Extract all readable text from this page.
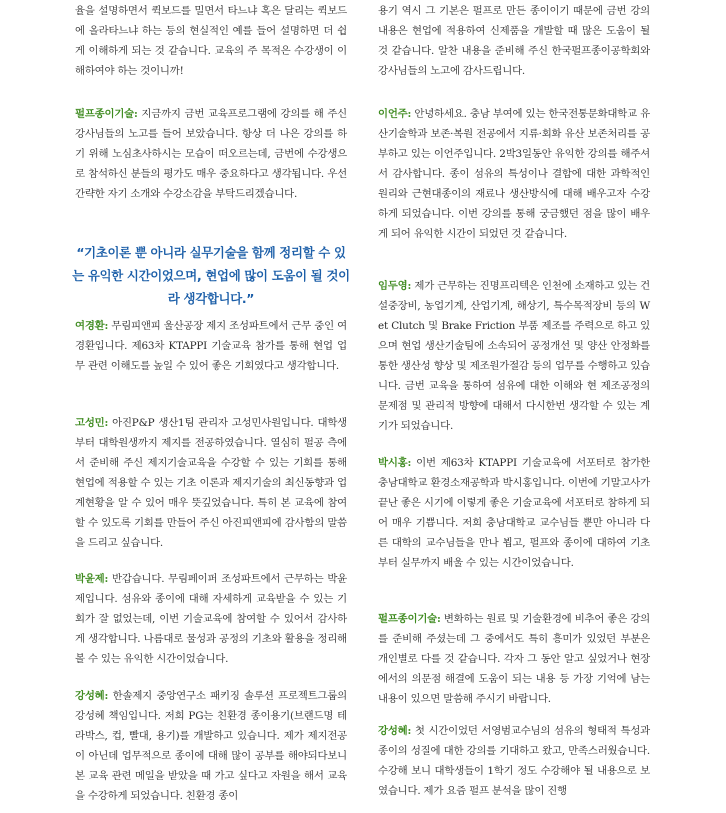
율을 설명하면서 퀵보드를 밀면서 타느냐 혹은 달리는 퀵보드에 올라타느냐 하는 등의 현실적인 예를 들어 설명하면 더 쉽게 이해하게 되는 것 같습니다. 교육의 주 목적은 수강생이 이해하여야 하는 것이니까!

펄프종이기술: 지금까지 금번 교육프로그램에 강의를 해 주신 강사님들의 노고를 들어 보았습니다. 항상 더 나은 강의를 하기 위해 노심초사하시는 모습이 떠오르는데, 금번에 수강생으로 참석하신 분들의 평가도 매우 중요하다고 생각됩니다. 우선 간략한 자기 소개와 수강소감을 부탁드리겠습니다.

“기초이론 뿐 아니라 실무기술을 함께 정리할 수 있는 유익한 시간이었으며, 현업에 많이 도움이 될 것이라 생각합니다.”

여경환: 무림피앤피 울산공장 제지 조성파트에서 근무 중인 여경환입니다. 제63차 KTAPPI 기술교육 참가를 통해 현업 업무 관련 이해도를 높일 수 있어 좋은 기회였다고 생각합니다.

고성민: 아진P&P 생산1팀 관리자 고성민사원입니다. 대학생부터 대학원생까지 제지를 전공하였습니다. 열심히 펄공 측에서 준비해 주신 제지기술교육을 수강할 수 있는 기회를 통해 현업에 적용할 수 있는 기초 이론과 제지기술의 최신동향과 업계현황을 알 수 있어 매우 뜻깊었습니다. 특히 본 교육에 참여할 수 있도록 기회를 만들어 주신 아진피앤피에 감사함의 말씀을 드리고 싶습니다.

박윤제: 반갑습니다. 무림페이퍼 조성파트에서 근무하는 박윤제입니다. 섬유와 종이에 대해 자세하게 교육받을 수 있는 기회가 잘 없었는데, 이번 기술교육에 참여할 수 있어서 감사하게 생각합니다. 나름대로 물성과 공정의 기초와 활용을 정리해 볼 수 있는 유익한 시간이었습니다.

강성혜: 한솔제지 중앙연구소 패키징 솔루션 프로젝트그룹의 강성혜 책임입니다. 저희 PG는 친환경 종이용기(브랜드명 테라박스, 컵, 빨대, 용기)를 개발하고 있습니다. 제가 제지전공이 아닌데 업무적으로 종이에 대해 많이 공부를 해야되다보니 본 교육 관련 메일을 받았을 때 가고 싶다고 자원을 해서 교육을 수강하게 되었습니다. 친환경 종이

용기 역시 그 기본은 펄프로 만든 종이이기 때문에 금번 강의내용은 현업에 적용하여 신제품을 개발할 때 많은 도움이 될 것 같습니다. 알찬 내용을 준비해 주신 한국펄프종이공학회와 강사님들의 노고에 감사드립니다.

이언주: 안녕하세요. 충남 부여에 있는 한국전통문화대학교 유산기술학과 보존·복원 전공에서 지류·회화 유산 보존처리를 공부하고 있는 이언주입니다. 2박3일동안 유익한 강의를 해주셔서 감사합니다. 종이 섬유의 특성이나 결합에 대한 과학적인 원리와 근현대종이의 재료나 생산방식에 대해 배우고자 수강하게 되었습니다. 이번 강의를 통해 궁금했던 점을 많이 배우게 되어 유익한 시간이 되었던 것 같습니다.

임두영: 제가 근무하는 진명프리텍은 인천에 소재하고 있는 건설중장비, 농업기계, 산업기계, 해상기, 특수목적장비 등의 Wet Clutch 및 Brake Friction 부품 제조를 주력으로 하고 있으며 현업 생산기술팀에 소속되어 공정개선 및 양산 안정화를 통한 생산성 향상 및 제조원가절감 등의 업무를 수행하고 있습니다. 금번 교육을 통하여 섬유에 대한 이해와 현 제조공정의 문제점 및 관리적 방향에 대해서 다시한번 생각할 수 있는 계기가 되었습니다.

박시홍: 이번 제63차 KTAPPI 기술교육에 서포터로 참가한 충남대학교 환경소재공학과 박시홍입니다. 이번에 기말고사가 끝난 좋은 시기에 이렇게 좋은 기술교육에 서포터로 참하게 되어 매우 기쁩니다. 저희 충남대학교 교수님들 뿐만 아니라 다른 대학의 교수님들을 만나 뵙고, 펄프와 종이에 대하여 기초부터 실무까지 배울 수 있는 시간이었습니다.

펄프종이기술: 변화하는 원료 및 기술환경에 비추어 좋은 강의를 준비해 주셨는데 그 중에서도 특히 흥미가 있었던 부분은 개인별로 다를 것 같습니다. 각자 그 동안 알고 싶었거나 현장에서의 의문점 해결에 도움이 되는 내용 등 가장 기억에 남는 내용이 있으면 말씀해 주시기 바랍니다.

강성혜: 첫 시간이었던 서영범교수님의 섬유의 형태적 특성과 종이의 성질에 대한 강의를 기대하고 왔고, 만족스러웠습니다. 수강해 보니 대학생들이 1학기 정도 수강해야 될 내용으로 보였습니다. 제가 요즘 펄프 분석을 많이 진행
